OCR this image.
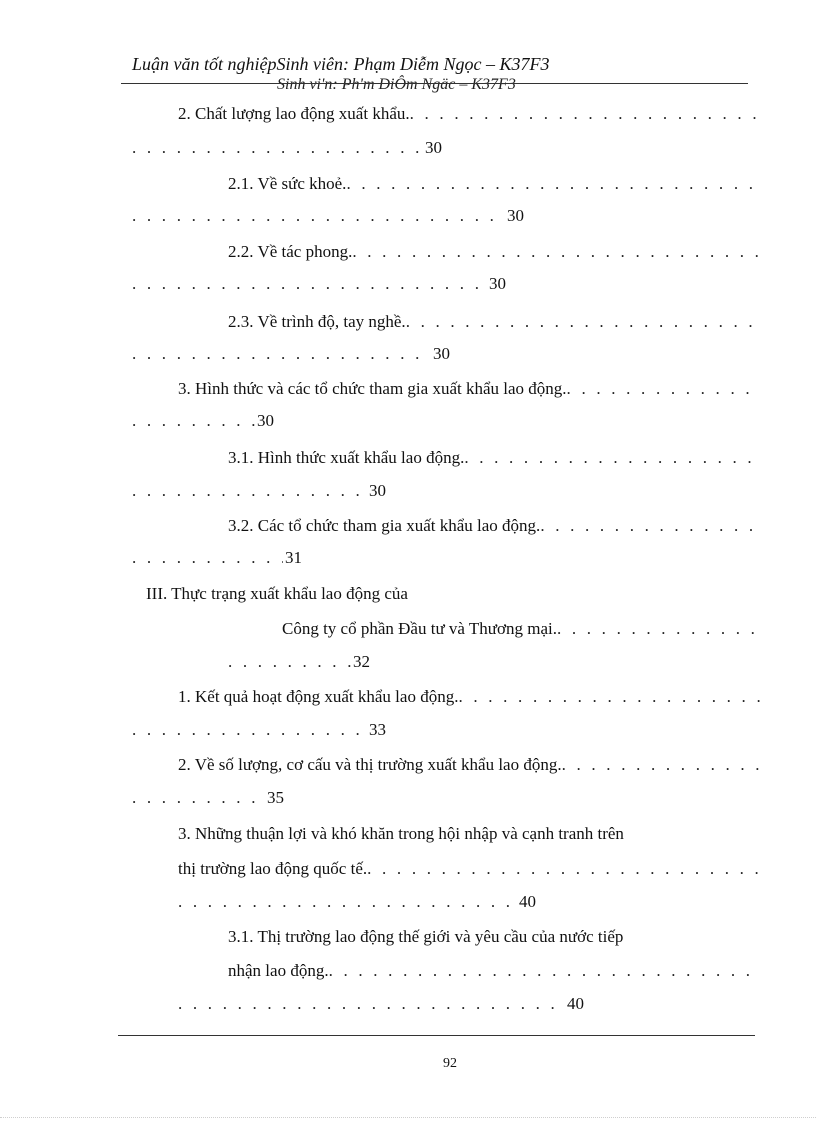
Luận văn tốt nghiệpSinh viên: Phạm Diễm Ngọc – K37F3
Sinh vi'n: Ph'm DiÔm Ngäc – K37F3
2. Chất lượng lao động xuất khẩu.
. . .
. . .
30
2.1. Về sức khoẻ.
. . .
. . .
30
2.2. Về tác phong.
. . .
. . .
30
2.3. Về trình độ, tay nghề.
. . .
. . .
30
3. Hình thức và các tổ chức tham gia xuất khẩu lao động.
. . .
. . .
30
3.1. Hình thức xuất khẩu lao động.
. . .
. . .
30
3.2. Các tổ chức tham gia xuất khẩu lao động.
. . .
. . .
31
III. Thực trạng xuất khẩu lao động của
Công ty cổ phần Đầu tư và Thương mại.
. . .
. . .
32
1. Kết quả hoạt động xuất khẩu lao động.
. . .
. . .
33
2. Về số lượng, cơ cấu và thị trường xuất khẩu lao động.
. . .
. . .
35
3. Những thuận lợi và khó khăn trong hội nhập và cạnh tranh trên
thị trường lao động quốc tế.
. . .
. . .
40
3.1. Thị trường lao động thế giới và yêu cầu của nước tiếp
nhận lao động.
. . .
. . .
40
92
